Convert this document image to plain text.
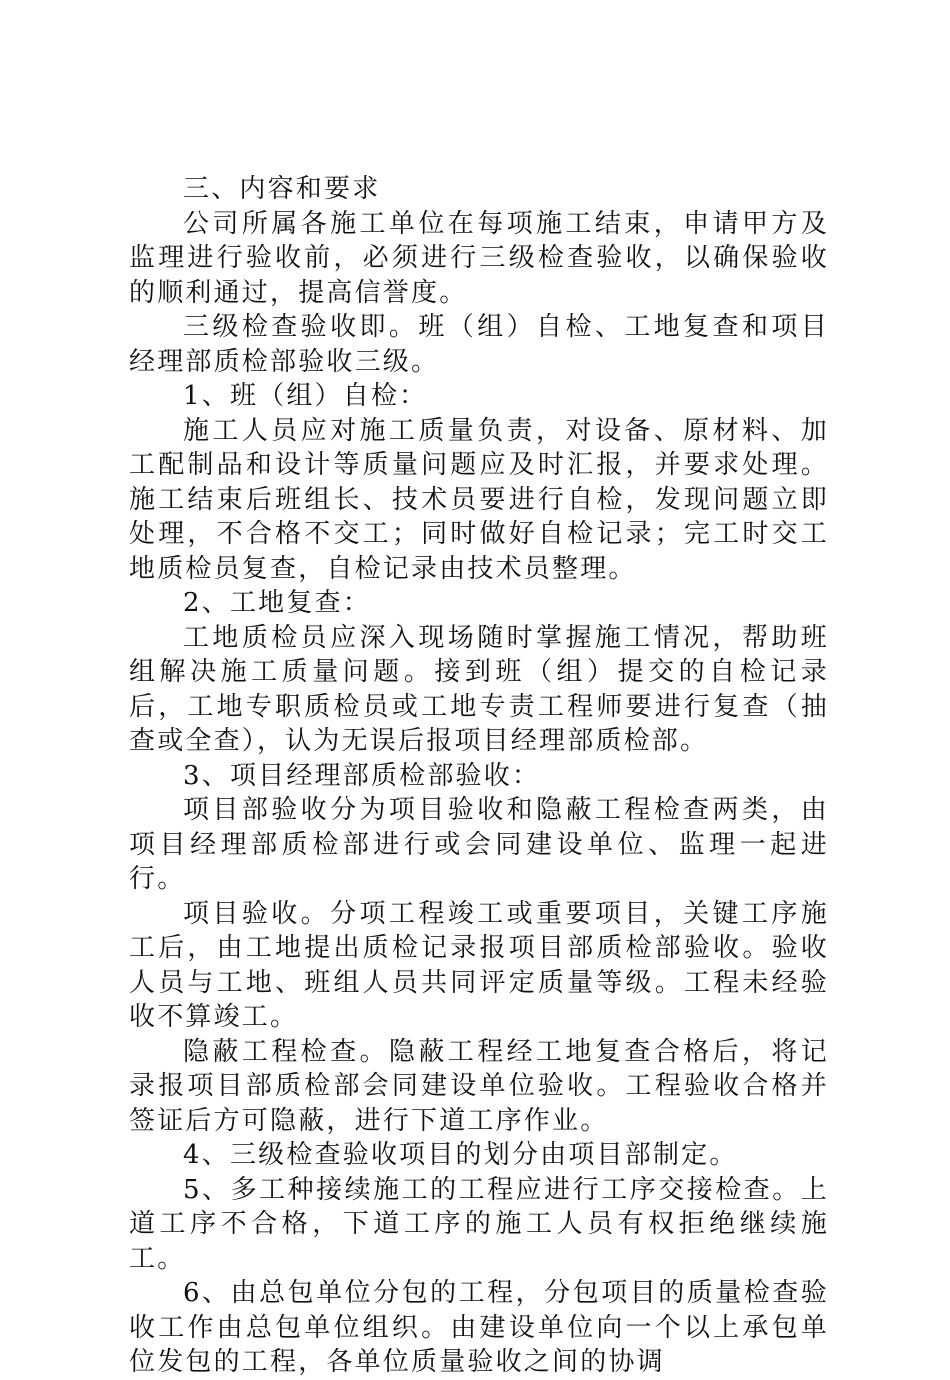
三、内容和要求

公司所属各施工单位在每项施工结束，申请甲方及监理进行验收前，必须进行三级检查验收，以确保验收的顺利通过，提高信誉度。

三级检查验收即。班（组）自检、工地复查和项目经理部质检部验收三级。

1、班（组）自检：

施工人员应对施工质量负责，对设备、原材料、加工配制品和设计等质量问题应及时汇报，并要求处理。施工结束后班组长、技术员要进行自检，发现问题立即处理，不合格不交工；同时做好自检记录；完工时交工地质检员复查，自检记录由技术员整理。

2、工地复查：

工地质检员应深入现场随时掌握施工情况，帮助班组解决施工质量问题。接到班（组）提交的自检记录后，工地专职质检员或工地专责工程师要进行复查（抽查或全查），认为无误后报项目经理部质检部。

3、项目经理部质检部验收：

项目部验收分为项目验收和隐蔽工程检查两类，由项目经理部质检部进行或会同建设单位、监理一起进行。

项目验收。分项工程竣工或重要项目，关键工序施工后，由工地提出质检记录报项目部质检部验收。验收人员与工地、班组人员共同评定质量等级。工程未经验收不算竣工。

隐蔽工程检查。隐蔽工程经工地复查合格后，将记录报项目部质检部会同建设单位验收。工程验收合格并签证后方可隐蔽，进行下道工序作业。

4、三级检查验收项目的划分由项目部制定。

5、多工种接续施工的工程应进行工序交接检查。上道工序不合格，下道工序的施工人员有权拒绝继续施工。

6、由总包单位分包的工程，分包项目的质量检查验收工作由总包单位组织。由建设单位向一个以上承包单位发包的工程，各单位质量验收之间的协调
